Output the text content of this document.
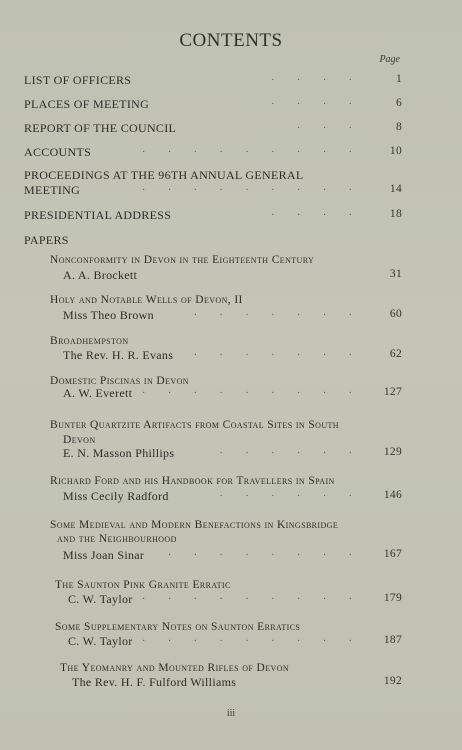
CONTENTS
Page
LIST OF OFFICERS	· · · ·	1
PLACES OF MEETING	· · · ·	6
REPORT OF THE COUNCIL	· · ·	8
ACCOUNTS	· · · · · · · · ·	10
PROCEEDINGS AT THE 96TH ANNUAL GENERAL
MEETING	· · · · · · · · ·	14
PRESIDENTIAL ADDRESS	· · · ·	18
PAPERS
Nonconformity in Devon in the Eighteenth Century
A. A. Brockett	31
Holy and Notable Wells of Devon, II
Miss Theo Brown	· · · · · · ·	60
Broadhempston
The Rev. H. R. Evans · · · · · · ·	62
Domestic Piscinas in Devon
A. W. Everett · · · · · · · · ·	127
Bunter Quartzite Artifacts from Coastal Sites in South
Devon
E. N. Masson Phillips	· · · · · ·	129
Richard Ford and his Handbook for Travellers in Spain
Miss Cecily Radford	· · · · · ·	146
Some Medieval and Modern Benefactions in Kingsbridge
and the Neighbourhood
Miss Joan Sinar · · · · · · · ·	167
The Saunton Pink Granite Erratic
C. W. Taylor · · · · · · · · ·	179
Some Supplementary Notes on Saunton Erratics
C. W. Taylor · · · · · · · · ·	187
The Yeomanry and Mounted Rifles of Devon
The Rev. H. F. Fulford Williams	192
iii
